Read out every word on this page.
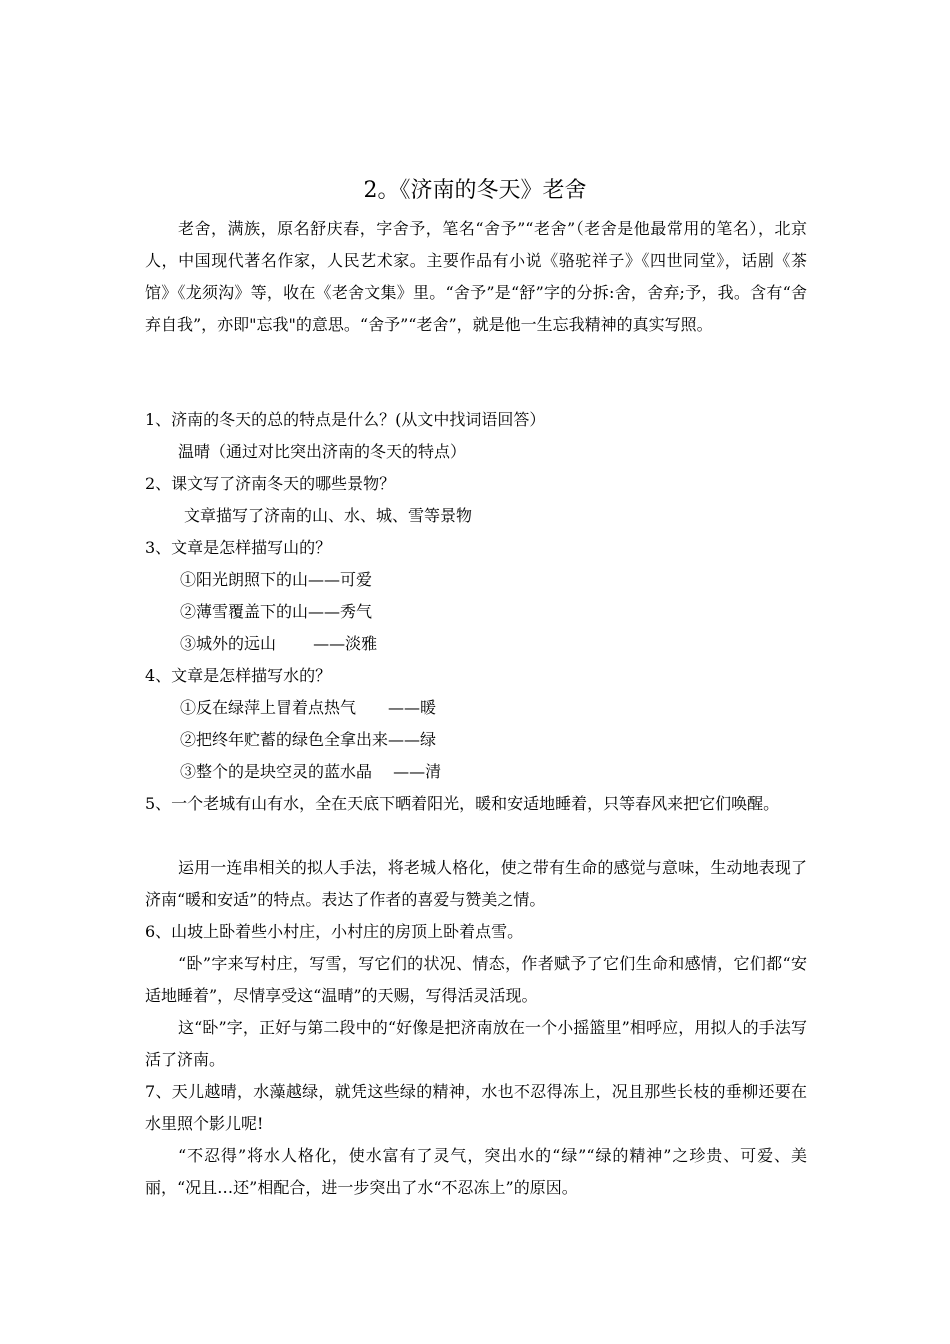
2。《济南的冬天》老舍
老舍，满族，原名舒庆春，字舍予，笔名“舍予”“老舍”（老舍是他最常用的笔名），北京人，中国现代著名作家，人民艺术家。主要作品有小说《骆驼祥子》《四世同堂》，话剧《茶馆》《龙须沟》等，收在《老舍文集》里。“舍予”是“舒”字的分拆:舍，舍弃;予，我。含有“舍弃自我”，亦即"忘我"的意思。“舍予”“老舍”，就是他一生忘我精神的真实写照。
1、济南的冬天的总的特点是什么？(从文中找词语回答）
温晴（通过对比突出济南的冬天的特点）
2、课文写了济南冬天的哪些景物？
文章描写了济南的山、水、城、雪等景物
3、文章是怎样描写山的？
①阳光朗照下的山——可爱
②薄雪覆盖下的山——秀气
③城外的远山　　 ——淡雅
4、文章是怎样描写水的？
①反在绿萍上冒着点热气　　——暖
②把终年贮蓄的绿色全拿出来——绿
③整个的是块空灵的蓝水晶　 ——清
5、一个老城有山有水，全在天底下晒着阳光，暖和安适地睡着，只等春风来把它们唤醒。
运用一连串相关的拟人手法，将老城人格化，使之带有生命的感觉与意味，生动地表现了济南“暖和安适”的特点。表达了作者的喜爱与赞美之情。
6、山坡上卧着些小村庄，小村庄的房顶上卧着点雪。
“卧”字来写村庄，写雪，写它们的状况、情态，作者赋予了它们生命和感情，它们都“安适地睡着”，尽情享受这“温晴”的天赐，写得活灵活现。
这“卧”字，正好与第二段中的“好像是把济南放在一个小摇篮里”相呼应，用拟人的手法写活了济南。
7、天儿越晴，水藻越绿，就凭这些绿的精神，水也不忍得冻上，况且那些长枝的垂柳还要在水里照个影儿呢!
“不忍得”将水人格化，使水富有了灵气，突出水的“绿”“绿的精神”之珍贵、可爱、美丽，“况且…还”相配合，进一步突出了水“不忍冻上”的原因。
